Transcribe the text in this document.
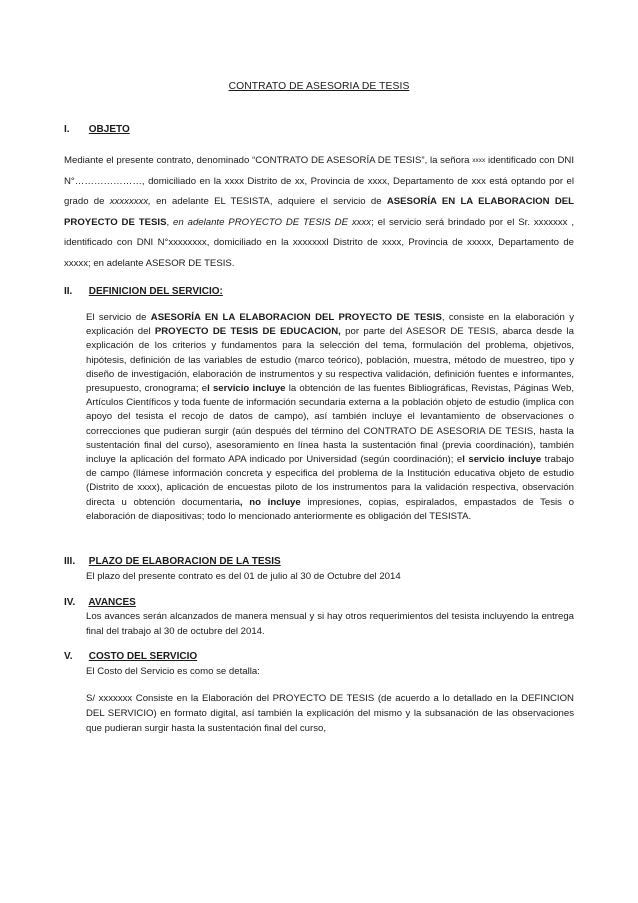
CONTRATO DE ASESORIA DE TESIS
I. OBJETO

Mediante el presente contrato, denominado “CONTRATO DE ASESORÍA DE TESIS”, la señora $^{xxxx}$ identificado con DNI N°…………………, domiciliado en la xxxx Distrito de xx, Provincia de xxxx, Departamento de xxx está optando por el grado de xxxxxxxx, en adelante EL TESISTA, adquiere el servicio de ASESORÍA EN LA ELABORACION DEL PROYECTO DE TESIS, en adelante PROYECTO DE TESIS DE xxxx; el servicio será brindado por el Sr. xxxxxxx , identificado con DNI N°xxxxxxxx, domiciliado en la xxxxxxxl Distrito de xxxx, Provincia de xxxxx, Departamento de xxxxx; en adelante ASESOR DE TESIS.

II. DEFINICION DEL SERVICIO:

El servicio de ASESORÍA EN LA ELABORACION DEL PROYECTO DE TESIS, consiste en la elaboración y explicación del PROYECTO DE TESIS DE EDUCACION, por parte del ASESOR DE TESIS, abarca desde la explicación de los criterios y fundamentos para la selección del tema, formulación del problema, objetivos, hipótesis, definición de las variables de estudio (marco teórico), población, muestra, método de muestreo, tipo y diseño de investigación, elaboración de instrumentos y su respectiva validación, definición fuentes e informantes, presupuesto, cronograma; el servicio incluye la obtención de las fuentes Bibliográficas, Revistas, Páginas Web, Artículos Científicos y toda fuente de información secundaria externa a la población objeto de estudio (implica con apoyo del tesista el recojo de datos de campo), así también incluye el levantamiento de observaciones o correcciones que pudieran surgir (aún después del término del CONTRATO DE ASESORIA DE TESIS, hasta la sustentación final del curso), asesoramiento en línea hasta la sustentación final (previa coordinación), también incluye la aplicación del formato APA indicado por Universidad (según coordinación); el servicio incluye trabajo de campo (llámese información concreta y especifica del problema de la Institución educativa objeto de estudio (Distrito de xxxx), aplicación de encuestas piloto de los instrumentos para la validación respectiva, observación directa u obtención documentaria, no incluye impresiones, copias, espiralados, empastados de Tesis o elaboración de diapositivas; todo lo mencionado anteriormente es obligación del TESISTA.

III. PLAZO DE ELABORACION DE LA TESIS

El plazo del presente contrato es del 01 de julio al 30 de Octubre del 2014

IV. AVANCES

Los avances serán alcanzados de manera mensual y si hay otros requerimientos del tesista incluyendo la entrega final del trabajo al 30 de octubre del 2014.

V. COSTO DEL SERVICIO

El Costo del Servicio es como se detalla:

S/ xxxxxxx Consiste en la Elaboración del PROYECTO DE TESIS (de acuerdo a lo detallado en la DEFINCION DEL SERVICIO) en formato digital, así también la explicación del mismo y la subsanación de las observaciones que pudieran surgir hasta la sustentación final del curso,
